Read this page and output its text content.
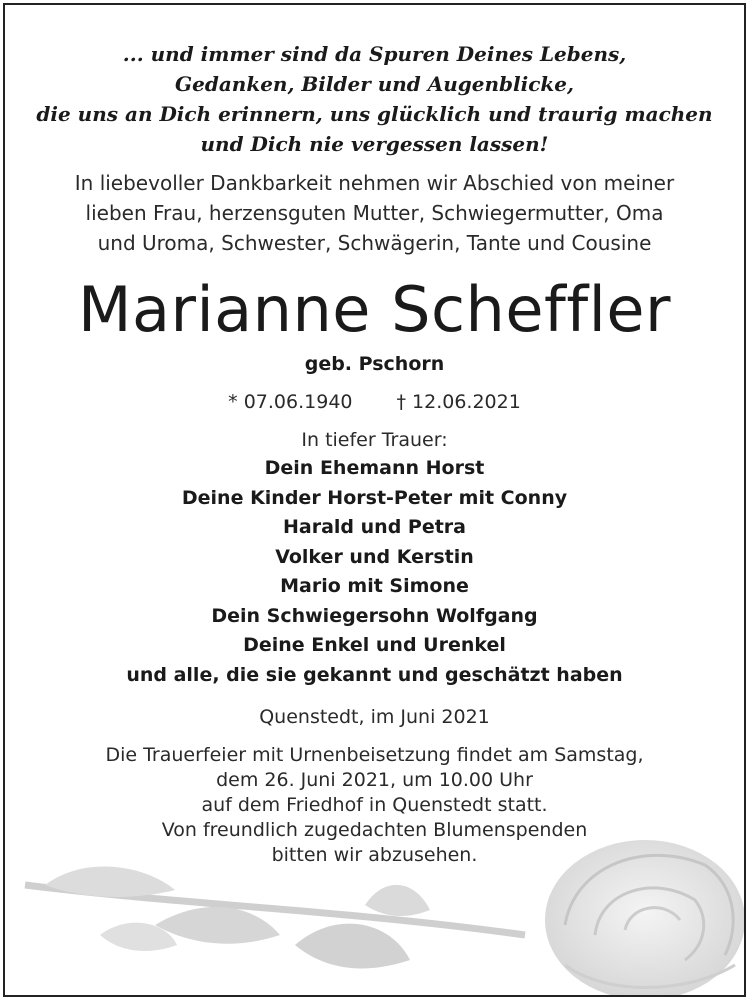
... und immer sind da Spuren Deines Lebens,
Gedanken, Bilder und Augenblicke,
die uns an Dich erinnern, uns glücklich und traurig machen
und Dich nie vergessen lassen!
In liebevoller Dankbarkeit nehmen wir Abschied von meiner
lieben Frau, herzensguten Mutter, Schwiegermutter, Oma
und Uroma, Schwester, Schwägerin, Tante und Cousine
Marianne Scheffler
geb. Pschorn
* 07.06.1940 † 12.06.2021
In tiefer Trauer:
Dein Ehemann Horst
Deine Kinder Horst-Peter mit Conny
Harald und Petra
Volker und Kerstin
Mario mit Simone
Dein Schwiegersohn Wolfgang
Deine Enkel und Urenkel
und alle, die sie gekannt und geschätzt haben
Quenstedt, im Juni 2021
Die Trauerfeier mit Urnenbeisetzung findet am Samstag,
dem 26. Juni 2021, um 10.00 Uhr
auf dem Friedhof in Quenstedt statt.
Von freundlich zugedachten Blumenspenden
bitten wir abzusehen.
